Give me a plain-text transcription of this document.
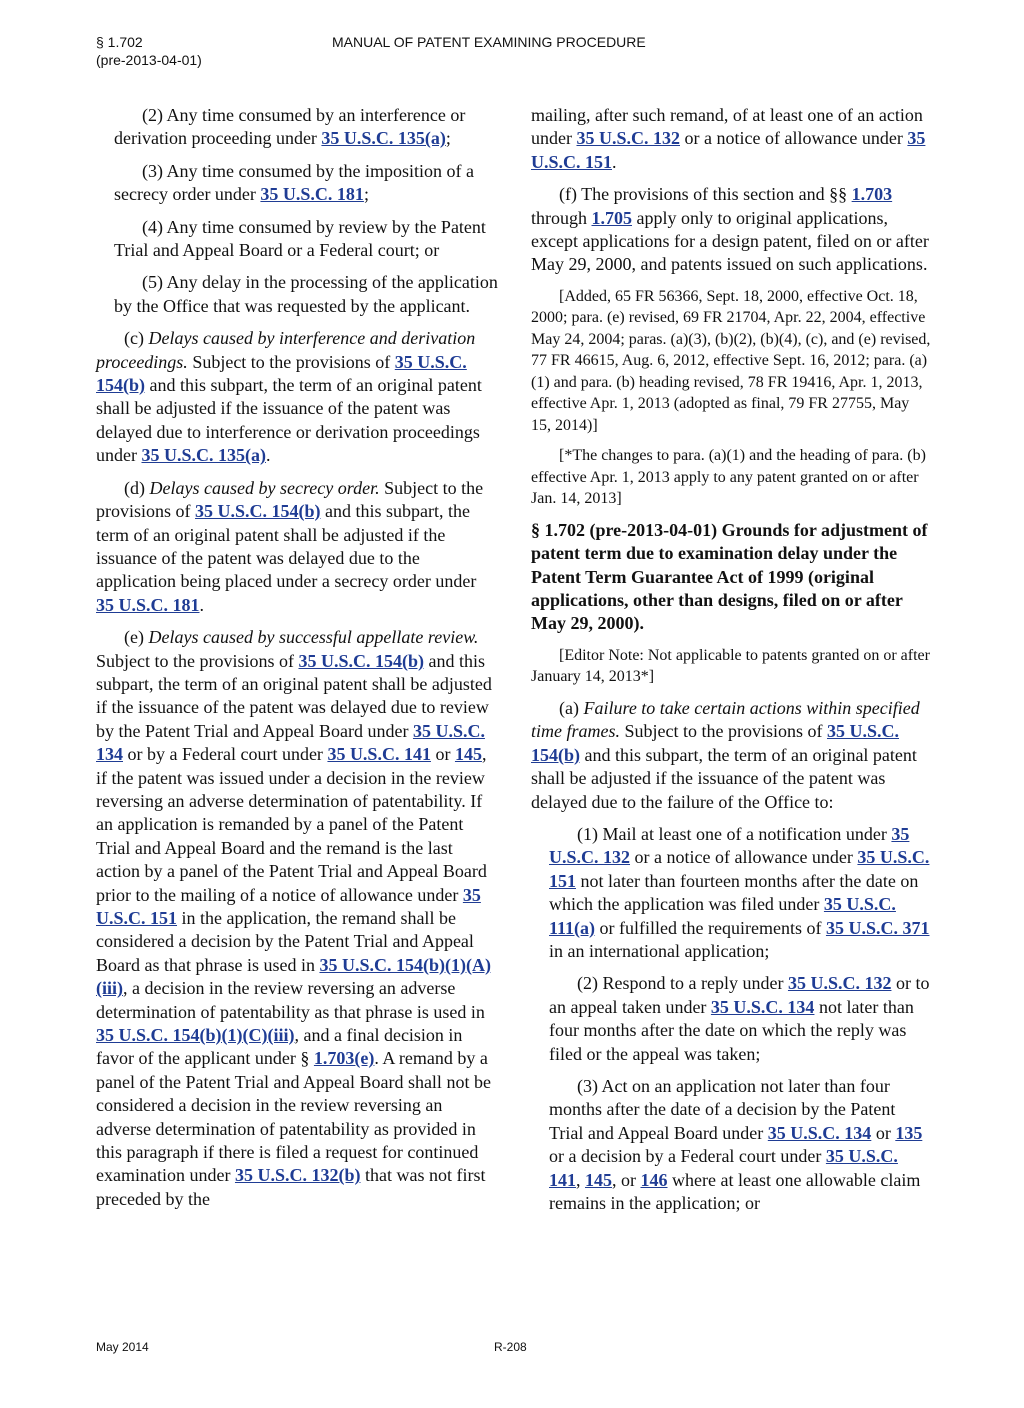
§ 1.702
(pre-2013-04-01)
MANUAL OF PATENT EXAMINING PROCEDURE

(2) Any time consumed by an interference or derivation proceeding under 35 U.S.C. 135(a);

(3) Any time consumed by the imposition of a secrecy order under 35 U.S.C. 181;

(4) Any time consumed by review by the Patent Trial and Appeal Board or a Federal court; or

(5) Any delay in the processing of the application by the Office that was requested by the applicant.

(c) Delays caused by interference and derivation proceedings. Subject to the provisions of 35 U.S.C. 154(b) and this subpart, the term of an original patent shall be adjusted if the issuance of the patent was delayed due to interference or derivation proceedings under 35 U.S.C. 135(a).

(d) Delays caused by secrecy order. Subject to the provisions of 35 U.S.C. 154(b) and this subpart, the term of an original patent shall be adjusted if the issuance of the patent was delayed due to the application being placed under a secrecy order under 35 U.S.C. 181.

(e) Delays caused by successful appellate review. Subject to the provisions of 35 U.S.C. 154(b) and this subpart, the term of an original patent shall be adjusted if the issuance of the patent was delayed due to review by the Patent Trial and Appeal Board under 35 U.S.C. 134 or by a Federal court under 35 U.S.C. 141 or 145, if the patent was issued under a decision in the review reversing an adverse determination of patentability. If an application is remanded by a panel of the Patent Trial and Appeal Board and the remand is the last action by a panel of the Patent Trial and Appeal Board prior to the mailing of a notice of allowance under 35 U.S.C. 151 in the application, the remand shall be considered a decision by the Patent Trial and Appeal Board as that phrase is used in 35 U.S.C. 154(b)(1)(A)(iii), a decision in the review reversing an adverse determination of patentability as that phrase is used in 35 U.S.C. 154(b)(1)(C)(iii), and a final decision in favor of the applicant under § 1.703(e). A remand by a panel of the Patent Trial and Appeal Board shall not be considered a decision in the review reversing an adverse determination of patentability as provided in this paragraph if there is filed a request for continued examination under 35 U.S.C. 132(b) that was not first preceded by the

mailing, after such remand, of at least one of an action under 35 U.S.C. 132 or a notice of allowance under 35 U.S.C. 151.

(f) The provisions of this section and §§ 1.703 through 1.705 apply only to original applications, except applications for a design patent, filed on or after May 29, 2000, and patents issued on such applications.

[Added, 65 FR 56366, Sept. 18, 2000, effective Oct. 18, 2000; para. (e) revised, 69 FR 21704, Apr. 22, 2004, effective May 24, 2004; paras. (a)(3), (b)(2), (b)(4), (c), and (e) revised, 77 FR 46615, Aug. 6, 2012, effective Sept. 16, 2012; para. (a)(1) and para. (b) heading revised, 78 FR 19416, Apr. 1, 2013, effective Apr. 1, 2013 (adopted as final, 79 FR 27755, May 15, 2014)]

[*The changes to para. (a)(1) and the heading of para. (b) effective Apr. 1, 2013 apply to any patent granted on or after Jan. 14, 2013]

§ 1.702 (pre-2013-04-01) Grounds for adjustment of patent term due to examination delay under the Patent Term Guarantee Act of 1999 (original applications, other than designs, filed on or after May 29, 2000).

[Editor Note: Not applicable to patents granted on or after January 14, 2013*]

(a) Failure to take certain actions within specified time frames. Subject to the provisions of 35 U.S.C. 154(b) and this subpart, the term of an original patent shall be adjusted if the issuance of the patent was delayed due to the failure of the Office to:

(1) Mail at least one of a notification under 35 U.S.C. 132 or a notice of allowance under 35 U.S.C. 151 not later than fourteen months after the date on which the application was filed under 35 U.S.C. 111(a) or fulfilled the requirements of 35 U.S.C. 371 in an international application;

(2) Respond to a reply under 35 U.S.C. 132 or to an appeal taken under 35 U.S.C. 134 not later than four months after the date on which the reply was filed or the appeal was taken;

(3) Act on an application not later than four months after the date of a decision by the Patent Trial and Appeal Board under 35 U.S.C. 134 or 135 or a decision by a Federal court under 35 U.S.C. 141, 145, or 146 where at least one allowable claim remains in the application; or

May 2014	R-208
